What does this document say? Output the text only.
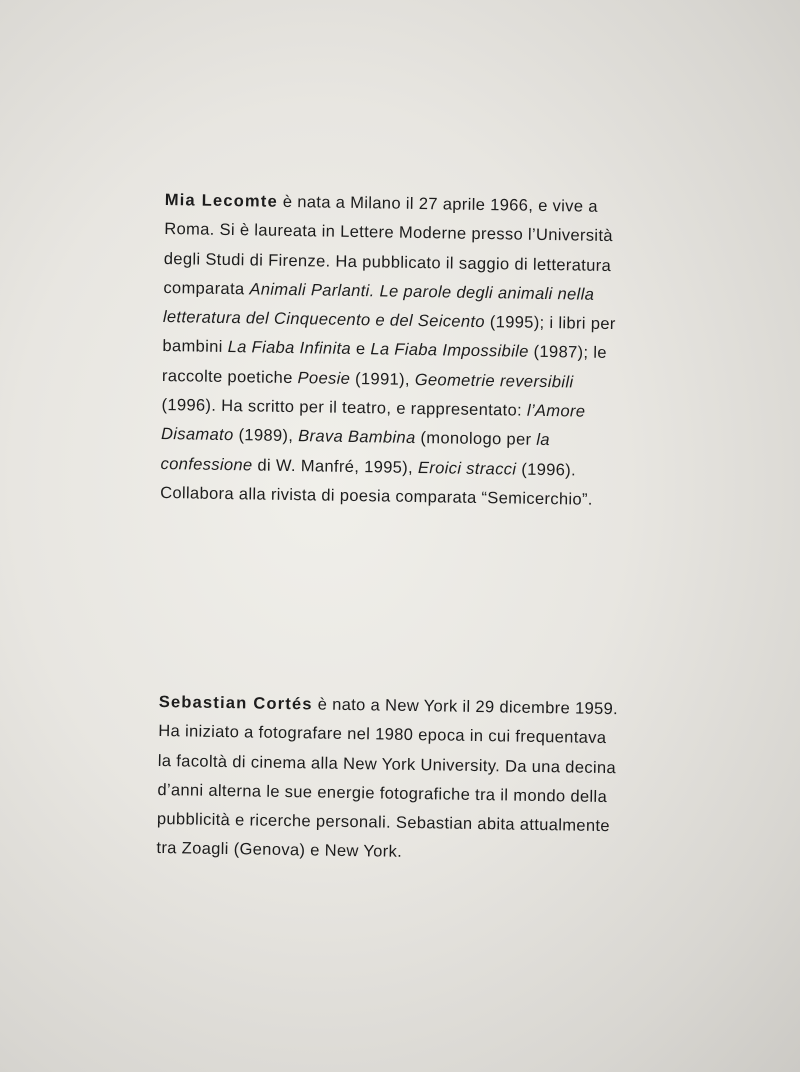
Mia Lecomte è nata a Milano il 27 aprile 1966, e vive a Roma. Si è laureata in Lettere Moderne presso l’Università degli Studi di Firenze. Ha pubblicato il saggio di letteratura comparata Animali Parlanti. Le parole degli animali nella letteratura del Cinquecento e del Seicento (1995); i libri per bambini La Fiaba Infinita e La Fiaba Impossibile (1987); le raccolte poetiche Poesie (1991), Geometrie reversibili (1996). Ha scritto per il teatro, e rappresentato: l’Amore Disamato (1989), Brava Bambina (monologo per la confessione di W. Manfré, 1995), Eroici stracci (1996). Collabora alla rivista di poesia comparata “Semicerchio”.

Sebastian Cortés è nato a New York il 29 dicembre 1959. Ha iniziato a fotografare nel 1980 epoca in cui frequentava la facoltà di cinema alla New York University. Da una decina d’anni alterna le sue energie fotografiche tra il mondo della pubblicità e ricerche personali. Sebastian abita attualmente tra Zoagli (Genova) e New York.
